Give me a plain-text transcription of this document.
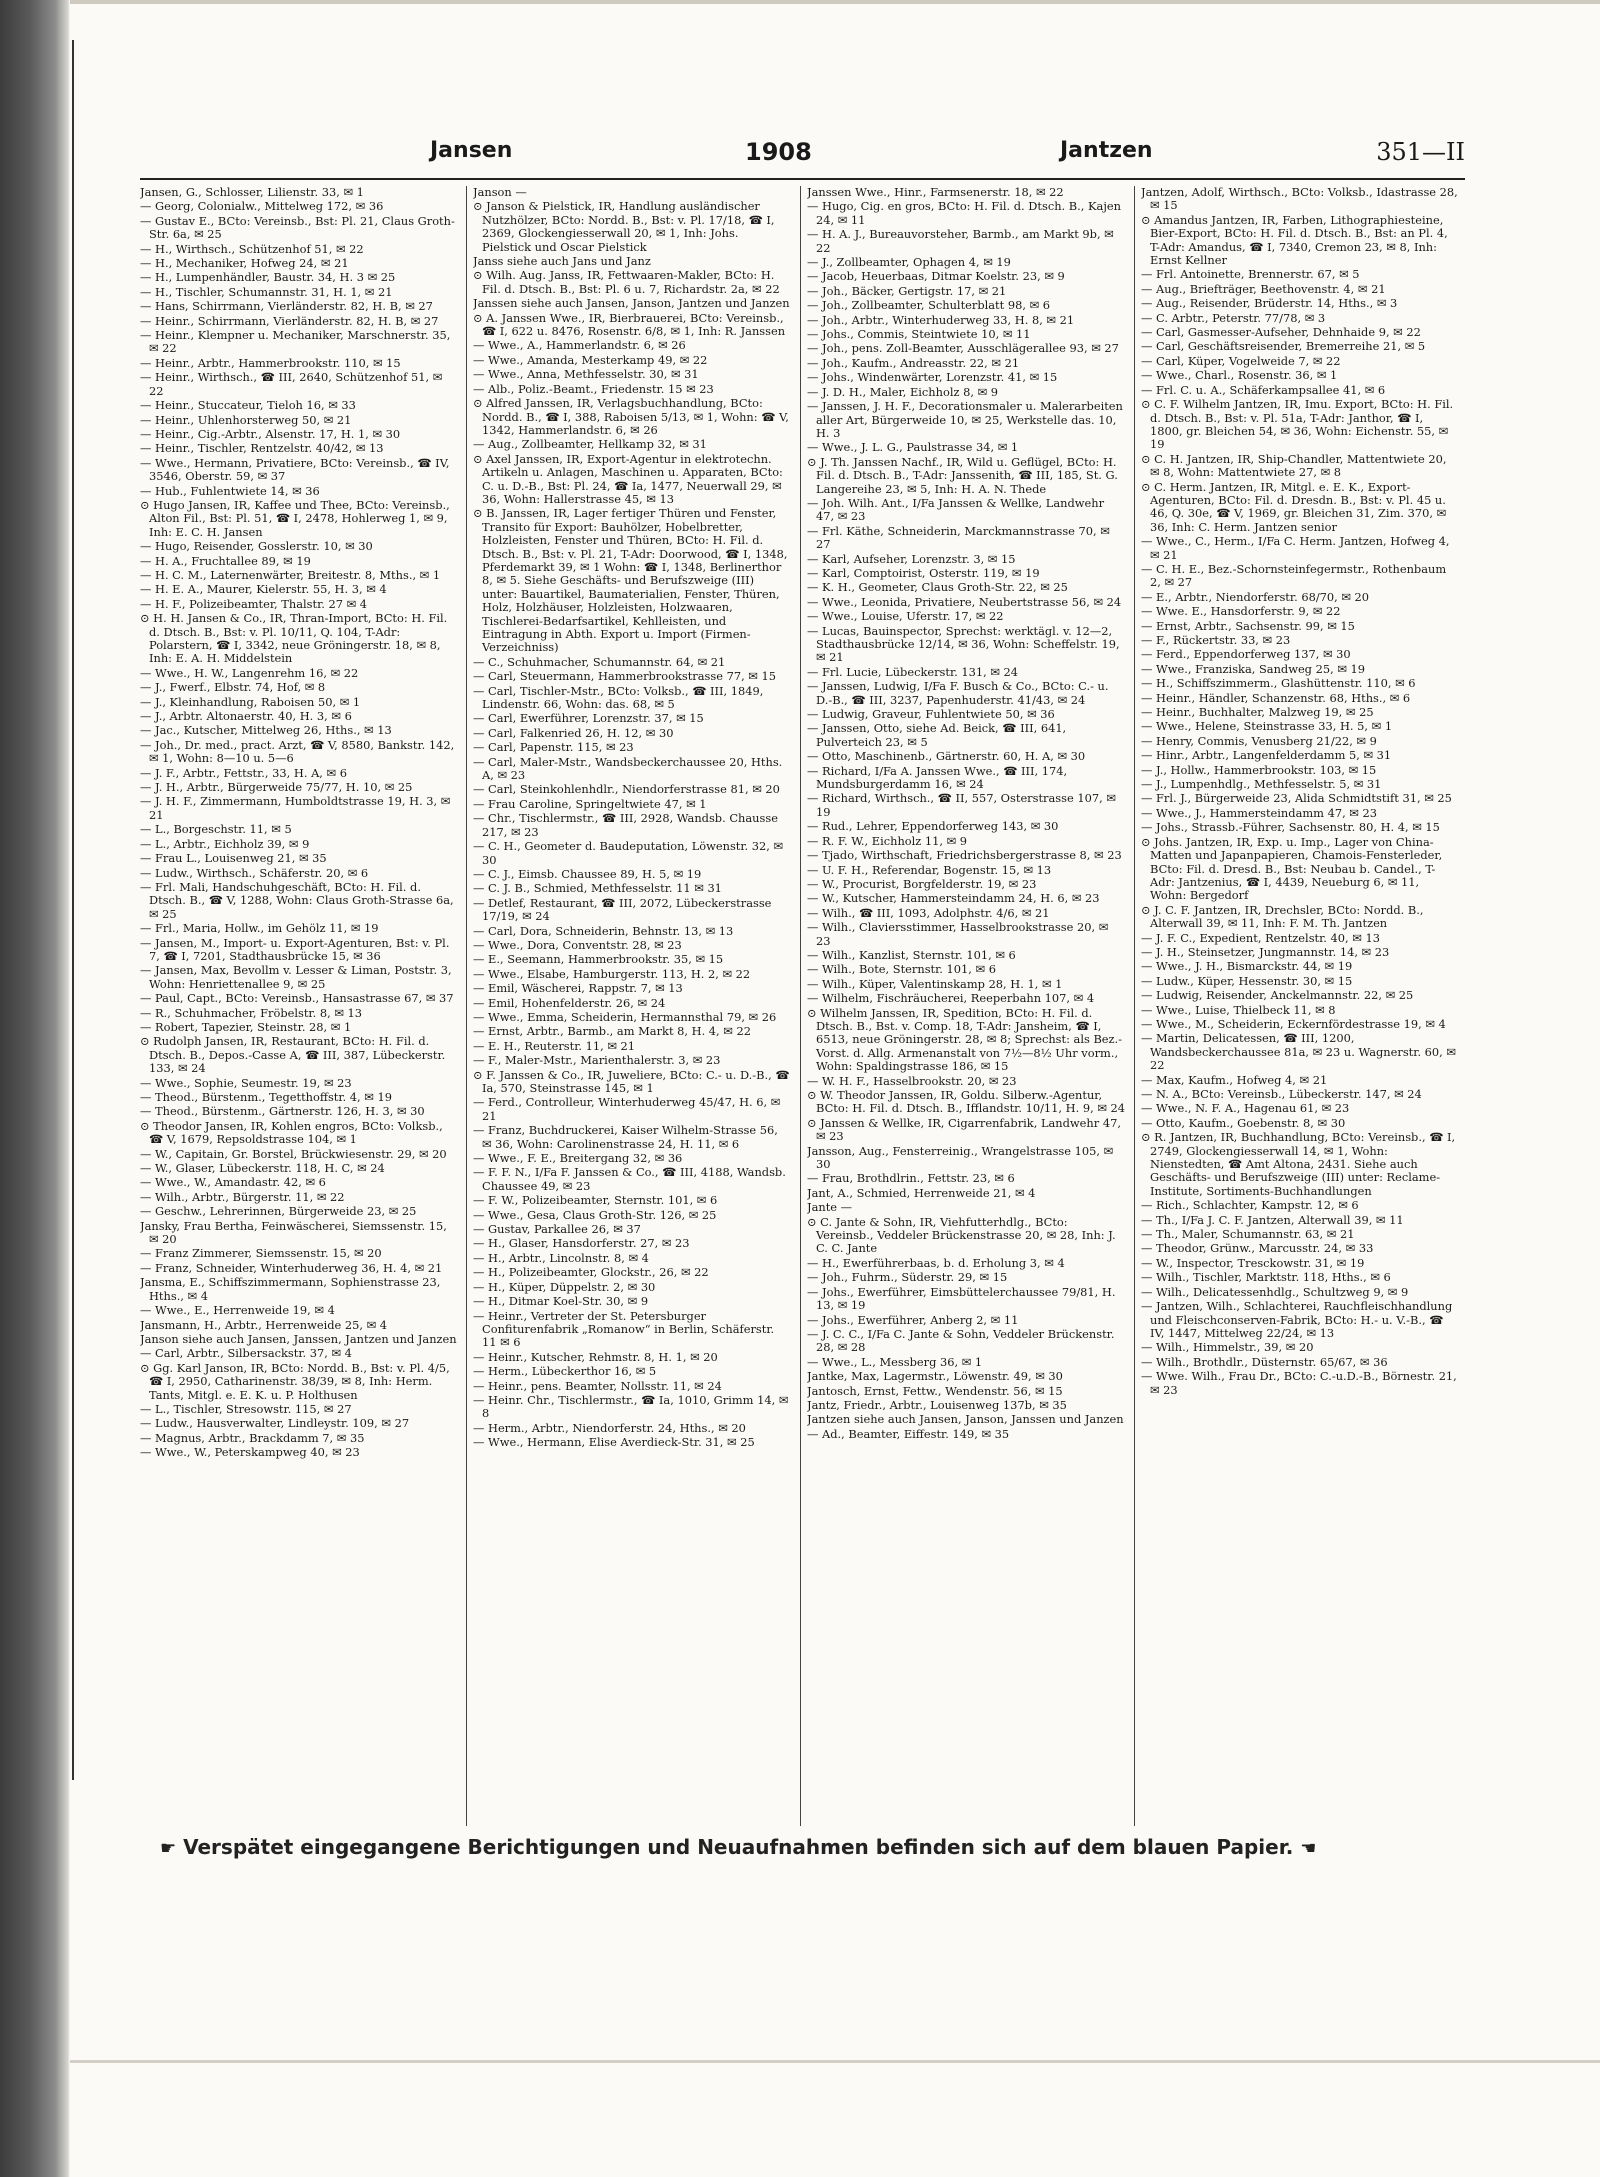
Jansen	1908	Jantzen	351—II

Jansen, G., Schlosser, Lilienstr. 33, ✉ 1

— Georg, Colonialw., Mittelweg 172, ✉ 36

— Gustav E., BCto: Vereinsb., Bst: Pl. 21, Claus Groth-Str. 6a, ✉ 25

— H., Wirthsch., Schützenhof 51, ✉ 22

— H., Mechaniker, Hofweg 24, ✉ 21

— H., Lumpenhändler, Baustr. 34, H. 3 ✉ 25

— H., Tischler, Schumannstr. 31, H. 1, ✉ 21

— Hans, Schirrmann, Vierländerstr. 82, H. B, ✉ 27

— Heinr., Schirrmann, Vierländerstr. 82, H. B, ✉ 27

— Heinr., Klempner u. Mechaniker, Marschnerstr. 35, ✉ 22

— Heinr., Arbtr., Hammerbrookstr. 110, ✉ 15

— Heinr., Wirthsch., ☎ III, 2640, Schützenhof 51, ✉ 22

— Heinr., Stuccateur, Tieloh 16, ✉ 33

— Heinr., Uhlenhorsterweg 50, ✉ 21

— Heinr., Cig.-Arbtr., Alsenstr. 17, H. 1, ✉ 30

— Heinr., Tischler, Rentzelstr. 40/42, ✉ 13

— Wwe., Hermann, Privatiere, BCto: Vereinsb., ☎ IV, 3546, Oberstr. 59, ✉ 37

— Hub., Fuhlentwiete 14, ✉ 36

⊙ Hugo Jansen, IR, Kaffee und Thee, BCto: Vereinsb., Alton Fil., Bst: Pl. 51, ☎ I, 2478, Hohlerweg 1, ✉ 9, Inh: E. C. H. Jansen

— Hugo, Reisender, Gosslerstr. 10, ✉ 30

— H. A., Fruchtallee 89, ✉ 19

— H. C. M., Laternenwärter, Breitestr. 8, Mths., ✉ 1

— H. E. A., Maurer, Kielerstr. 55, H. 3, ✉ 4

— H. F., Polizeibeamter, Thalstr. 27 ✉ 4

⊙ H. H. Jansen & Co., IR, Thran-Import, BCto: H. Fil. d. Dtsch. B., Bst: v. Pl. 10/11, Q. 104, T-Adr: Polarstern, ☎ I, 3342, neue Gröningerstr. 18, ✉ 8, Inh: E. A. H. Middelstein

— Wwe., H. W., Langenrehm 16, ✉ 22

— J., Fwerf., Elbstr. 74, Hof, ✉ 8

— J., Kleinhandlung, Raboisen 50, ✉ 1

— J., Arbtr. Altonaerstr. 40, H. 3, ✉ 6

— Jac., Kutscher, Mittelweg 26, Hths., ✉ 13

— Joh., Dr. med., pract. Arzt, ☎ V, 8580, Bankstr. 142, ✉ 1, Wohn: 8—10 u. 5—6

— J. F., Arbtr., Fettstr., 33, H. A, ✉ 6

— J. H., Arbtr., Bürgerweide 75/77, H. 10, ✉ 25

— J. H. F., Zimmermann, Humboldtstrasse 19, H. 3, ✉ 21

— L., Borgeschstr. 11, ✉ 5

— L., Arbtr., Eichholz 39, ✉ 9

— Frau L., Louisenweg 21, ✉ 35

— Ludw., Wirthsch., Schäferstr. 20, ✉ 6

— Frl. Mali, Handschuhgeschäft, BCto: H. Fil. d. Dtsch. B., ☎ V, 1288, Wohn: Claus Groth-Strasse 6a, ✉ 25

— Frl., Maria, Hollw., im Gehölz 11, ✉ 19

— Jansen, M., Import- u. Export-Agenturen, Bst: v. Pl. 7, ☎ I, 7201, Stadthausbrücke 15, ✉ 36

— Jansen, Max, Bevollm v. Lesser & Liman, Poststr. 3, Wohn: Henriettenallee 9, ✉ 25

— Paul, Capt., BCto: Vereinsb., Hansastrasse 67, ✉ 37

— R., Schuhmacher, Fröbelstr. 8, ✉ 13

— Robert, Tapezier, Steinstr. 28, ✉ 1

⊙ Rudolph Jansen, IR, Restaurant, BCto: H. Fil. d. Dtsch. B., Depos.-Casse A, ☎ III, 387, Lübeckerstr. 133, ✉ 24

— Wwe., Sophie, Seumestr. 19, ✉ 23

— Theod., Bürstenm., Tegetthoffstr. 4, ✉ 19

— Theod., Bürstenm., Gärtnerstr. 126, H. 3, ✉ 30

⊙ Theodor Jansen, IR, Kohlen engros, BCto: Volksb., ☎ V, 1679, Repsoldstrasse 104, ✉ 1

— W., Capitain, Gr. Borstel, Brückwiesenstr. 29, ✉ 20

— W., Glaser, Lübeckerstr. 118, H. C, ✉ 24

— Wwe., W., Amandastr. 42, ✉ 6

— Wilh., Arbtr., Bürgerstr. 11, ✉ 22

— Geschw., Lehrerinnen, Bürgerweide 23, ✉ 25

Jansky, Frau Bertha, Feinwäscherei, Siemssenstr. 15, ✉ 20

— Franz Zimmerer, Siemssenstr. 15, ✉ 20

— Franz, Schneider, Winterhuderweg 36, H. 4, ✉ 21

Jansma, E., Schiffszimmermann, Sophienstrasse 23, Hths., ✉ 4

— Wwe., E., Herrenweide 19, ✉ 4

Jansmann, H., Arbtr., Herrenweide 25, ✉ 4

Janson siehe auch Jansen, Janssen, Jantzen und Janzen

— Carl, Arbtr., Silbersackstr. 37, ✉ 4

⊙ Gg. Karl Janson, IR, BCto: Nordd. B., Bst: v. Pl. 4/5, ☎ I, 2950, Catharinenstr. 38/39, ✉ 8, Inh: Herm. Tants, Mitgl. e. E. K. u. P. Holthusen

— L., Tischler, Stresowstr. 115, ✉ 27

— Ludw., Hausverwalter, Lindleystr. 109, ✉ 27

— Magnus, Arbtr., Brackdamm 7, ✉ 35

— Wwe., W., Peterskampweg 40, ✉ 23

Janson —

⊙ Janson & Pielstick, IR, Handlung ausländischer Nutzhölzer, BCto: Nordd. B., Bst: v. Pl. 17/18, ☎ I, 2369, Glockengiesserwall 20, ✉ 1, Inh: Johs. Pielstick und Oscar Pielstick

Janss siehe auch Jans und Janz

⊙ Wilh. Aug. Janss, IR, Fettwaaren-Makler, BCto: H. Fil. d. Dtsch. B., Bst: Pl. 6 u. 7, Richardstr. 2a, ✉ 22

Janssen siehe auch Jansen, Janson, Jantzen und Janzen

⊙ A. Janssen Wwe., IR, Bierbrauerei, BCto: Vereinsb., ☎ I, 622 u. 8476, Rosenstr. 6/8, ✉ 1, Inh: R. Janssen

— Wwe., A., Hammerlandstr. 6, ✉ 26

— Wwe., Amanda, Mesterkamp 49, ✉ 22

— Wwe., Anna, Methfesselstr. 30, ✉ 31

— Alb., Poliz.-Beamt., Friedenstr. 15 ✉ 23

⊙ Alfred Janssen, IR, Verlagsbuchhandlung, BCto: Nordd. B., ☎ I, 388, Raboisen 5/13, ✉ 1, Wohn: ☎ V, 1342, Hammerlandstr. 6, ✉ 26

— Aug., Zollbeamter, Hellkamp 32, ✉ 31

⊙ Axel Janssen, IR, Export-Agentur in elektrotechn. Artikeln u. Anlagen, Maschinen u. Apparaten, BCto: C. u. D.-B., Bst: Pl. 24, ☎ Ia, 1477, Neuerwall 29, ✉ 36, Wohn: Hallerstrasse 45, ✉ 13

⊙ B. Janssen, IR, Lager fertiger Thüren und Fenster, Transito für Export: Bauhölzer, Hobelbretter, Holzleisten, Fenster und Thüren, BCto: H. Fil. d. Dtsch. B., Bst: v. Pl. 21, T-Adr: Doorwood, ☎ I, 1348, Pferdemarkt 39, ✉ 1 Wohn: ☎ I, 1348, Berlinerthor 8, ✉ 5. Siehe Geschäfts- und Berufszweige (III) unter: Bauartikel, Baumaterialien, Fenster, Thüren, Holz, Holzhäuser, Holzleisten, Holzwaaren, Tischlerei-Bedarfsartikel, Kehlleisten, und Eintragung in Abth. Export u. Import (Firmen-Verzeichniss)

— C., Schuhmacher, Schumannstr. 64, ✉ 21

— Carl, Steuermann, Hammerbrookstrasse 77, ✉ 15

— Carl, Tischler-Mstr., BCto: Volksb., ☎ III, 1849, Lindenstr. 66, Wohn: das. 68, ✉ 5

— Carl, Ewerführer, Lorenzstr. 37, ✉ 15

— Carl, Falkenried 26, H. 12, ✉ 30

— Carl, Papenstr. 115, ✉ 23

— Carl, Maler-Mstr., Wandsbeckerchaussee 20, Hths. A, ✉ 23

— Carl, Steinkohlenhdlr., Niendorferstrasse 81, ✉ 20

— Frau Caroline, Springeltwiete 47, ✉ 1

— Chr., Tischlermstr., ☎ III, 2928, Wandsb. Chausse 217, ✉ 23

— C. H., Geometer d. Baudeputation, Löwenstr. 32, ✉ 30

— C. J., Eimsb. Chaussee 89, H. 5, ✉ 19

— C. J. B., Schmied, Methfesselstr. 11 ✉ 31

— Detlef, Restaurant, ☎ III, 2072, Lübeckerstrasse 17/19, ✉ 24

— Carl, Dora, Schneiderin, Behnstr. 13, ✉ 13

— Wwe., Dora, Conventstr. 28, ✉ 23

— E., Seemann, Hammerbrookstr. 35, ✉ 15

— Wwe., Elsabe, Hamburgerstr. 113, H. 2, ✉ 22

— Emil, Wäscherei, Rappstr. 7, ✉ 13

— Emil, Hohenfelderstr. 26, ✉ 24

— Wwe., Emma, Scheiderin, Hermannsthal 79, ✉ 26

— Ernst, Arbtr., Barmb., am Markt 8, H. 4, ✉ 22

— E. H., Reuterstr. 11, ✉ 21

— F., Maler-Mstr., Marienthalerstr. 3, ✉ 23

⊙ F. Janssen & Co., IR, Juweliere, BCto: C.- u. D.-B., ☎ Ia, 570, Steinstrasse 145, ✉ 1

— Ferd., Controlleur, Winterhuderweg 45/47, H. 6, ✉ 21

— Franz, Buchdruckerei, Kaiser Wilhelm-Strasse 56, ✉ 36, Wohn: Carolinenstrasse 24, H. 11, ✉ 6

— Wwe., F. E., Breitergang 32, ✉ 36

— F. F. N., I/Fa F. Janssen & Co., ☎ III, 4188, Wandsb. Chaussee 49, ✉ 23

— F. W., Polizeibeamter, Sternstr. 101, ✉ 6

— Wwe., Gesa, Claus Groth-Str. 126, ✉ 25

— Gustav, Parkallee 26, ✉ 37

— H., Glaser, Hansdorferstr. 27, ✉ 23

— H., Arbtr., Lincolnstr. 8, ✉ 4

— H., Polizeibeamter, Glockstr., 26, ✉ 22

— H., Küper, Düppelstr. 2, ✉ 30

— H., Ditmar Koel-Str. 30, ✉ 9

— Heinr., Vertreter der St. Petersburger Confiturenfabrik „Romanow“ in Berlin, Schäferstr. 11 ✉ 6

— Heinr., Kutscher, Rehmstr. 8, H. 1, ✉ 20

— Herm., Lübeckerthor 16, ✉ 5

— Heinr., pens. Beamter, Nollsstr. 11, ✉ 24

— Heinr. Chr., Tischlermstr., ☎ Ia, 1010, Grimm 14, ✉ 8

— Herm., Arbtr., Niendorferstr. 24, Hths., ✉ 20

— Wwe., Hermann, Elise Averdieck-Str. 31, ✉ 25

Janssen Wwe., Hinr., Farmsenerstr. 18, ✉ 22

— Hugo, Cig. en gros, BCto: H. Fil. d. Dtsch. B., Kajen 24, ✉ 11

— H. A. J., Bureauvorsteher, Barmb., am Markt 9b, ✉ 22

— J., Zollbeamter, Ophagen 4, ✉ 19

— Jacob, Heuerbaas, Ditmar Koelstr. 23, ✉ 9

— Joh., Bäcker, Gertigstr. 17, ✉ 21

— Joh., Zollbeamter, Schulterblatt 98, ✉ 6

— Joh., Arbtr., Winterhuderweg 33, H. 8, ✉ 21

— Johs., Commis, Steintwiete 10, ✉ 11

— Joh., pens. Zoll-Beamter, Ausschlägerallee 93, ✉ 27

— Joh., Kaufm., Andreasstr. 22, ✉ 21

— Johs., Windenwärter, Lorenzstr. 41, ✉ 15

— J. D. H., Maler, Eichholz 8, ✉ 9

— Janssen, J. H. F., Decorationsmaler u. Malerarbeiten aller Art, Bürgerweide 10, ✉ 25, Werkstelle das. 10, H. 3

— Wwe., J. L. G., Paulstrasse 34, ✉ 1

⊙ J. Th. Janssen Nachf., IR, Wild u. Geflügel, BCto: H. Fil. d. Dtsch. B., T-Adr: Janssenith, ☎ III, 185, St. G. Langereihe 23, ✉ 5, Inh: H. A. N. Thede

— Joh. Wilh. Ant., I/Fa Janssen & Wellke, Landwehr 47, ✉ 23

— Frl. Käthe, Schneiderin, Marckmannstrasse 70, ✉ 27

— Karl, Aufseher, Lorenzstr. 3, ✉ 15

— Karl, Comptoirist, Osterstr. 119, ✉ 19

— K. H., Geometer, Claus Groth-Str. 22, ✉ 25

— Wwe., Leonida, Privatiere, Neubertstrasse 56, ✉ 24

— Wwe., Louise, Uferstr. 17, ✉ 22

— Lucas, Bauinspector, Sprechst: werktägl. v. 12—2, Stadthausbrücke 12/14, ✉ 36, Wohn: Scheffelstr. 19, ✉ 21

— Frl. Lucie, Lübeckerstr. 131, ✉ 24

— Janssen, Ludwig, I/Fa F. Busch & Co., BCto: C.- u. D.-B., ☎ III, 3237, Papenhuderstr. 41/43, ✉ 24

— Ludwig, Graveur, Fuhlentwiete 50, ✉ 36

— Janssen, Otto, siehe Ad. Beick, ☎ III, 641, Pulverteich 23, ✉ 5

— Otto, Maschinenb., Gärtnerstr. 60, H. A, ✉ 30

— Richard, I/Fa A. Janssen Wwe., ☎ III, 174, Mundsburgerdamm 16, ✉ 24

— Richard, Wirthsch., ☎ II, 557, Osterstrasse 107, ✉ 19

— Rud., Lehrer, Eppendorferweg 143, ✉ 30

— R. F. W., Eichholz 11, ✉ 9

— Tjado, Wirthschaft, Friedrichsbergerstrasse 8, ✉ 23

— U. F. H., Referendar, Bogenstr. 15, ✉ 13

— W., Procurist, Borgfelderstr. 19, ✉ 23

— W., Kutscher, Hammersteindamm 24, H. 6, ✉ 23

— Wilh., ☎ III, 1093, Adolphstr. 4/6, ✉ 21

— Wilh., Claviersstimmer, Hasselbrookstrasse 20, ✉ 23

— Wilh., Kanzlist, Sternstr. 101, ✉ 6

— Wilh., Bote, Sternstr. 101, ✉ 6

— Wilh., Küper, Valentinskamp 28, H. 1, ✉ 1

— Wilhelm, Fischräucherei, Reeperbahn 107, ✉ 4

⊙ Wilhelm Janssen, IR, Spedition, BCto: H. Fil. d. Dtsch. B., Bst. v. Comp. 18, T-Adr: Jansheim, ☎ I, 6513, neue Gröningerstr. 28, ✉ 8; Sprechst: als Bez.-Vorst. d. Allg. Armenanstalt von 7½—8½ Uhr vorm., Wohn: Spaldingstrasse 186, ✉ 15

— W. H. F., Hasselbrookstr. 20, ✉ 23

⊙ W. Theodor Janssen, IR, Goldu. Silberw.-Agentur, BCto: H. Fil. d. Dtsch. B., Ifflandstr. 10/11, H. 9, ✉ 24

⊙ Janssen & Wellke, IR, Cigarrenfabrik, Landwehr 47, ✉ 23

Jansson, Aug., Fensterreinig., Wrangelstrasse 105, ✉ 30

— Frau, Brothdlrin., Fettstr. 23, ✉ 6

Jant, A., Schmied, Herrenweide 21, ✉ 4

Jante —

⊙ C. Jante & Sohn, IR, Viehfutterhdlg., BCto: Vereinsb., Veddeler Brückenstrasse 20, ✉ 28, Inh: J. C. C. Jante

— H., Ewerführerbaas, b. d. Erholung 3, ✉ 4

— Joh., Fuhrm., Süderstr. 29, ✉ 15

— Johs., Ewerführer, Eimsbüttelerchaussee 79/81, H. 13, ✉ 19

— Johs., Ewerführer, Anberg 2, ✉ 11

— J. C. C., I/Fa C. Jante & Sohn, Veddeler Brückenstr. 28, ✉ 28

— Wwe., L., Messberg 36, ✉ 1

Jantke, Max, Lagermstr., Löwenstr. 49, ✉ 30

Jantosch, Ernst, Fettw., Wendenstr. 56, ✉ 15

Jantz, Friedr., Arbtr., Louisenweg 137b, ✉ 35

Jantzen siehe auch Jansen, Janson, Janssen und Janzen

— Ad., Beamter, Eiffestr. 149, ✉ 35

Jantzen, Adolf, Wirthsch., BCto: Volksb., Idastrasse 28, ✉ 15

⊙ Amandus Jantzen, IR, Farben, Lithographiesteine, Bier-Export, BCto: H. Fil. d. Dtsch. B., Bst: an Pl. 4, T-Adr: Amandus, ☎ I, 7340, Cremon 23, ✉ 8, Inh: Ernst Kellner

— Frl. Antoinette, Brennerstr. 67, ✉ 5

— Aug., Briefträger, Beethovenstr. 4, ✉ 21

— Aug., Reisender, Brüderstr. 14, Hths., ✉ 3

— C. Arbtr., Peterstr. 77/78, ✉ 3

— Carl, Gasmesser-Aufseher, Dehnhaide 9, ✉ 22

— Carl, Geschäftsreisender, Bremerreihe 21, ✉ 5

— Carl, Küper, Vogelweide 7, ✉ 22

— Wwe., Charl., Rosenstr. 36, ✉ 1

— Frl. C. u. A., Schäferkampsallee 41, ✉ 6

⊙ C. F. Wilhelm Jantzen, IR, Imu. Export, BCto: H. Fil. d. Dtsch. B., Bst: v. Pl. 51a, T-Adr: Janthor, ☎ I, 1800, gr. Bleichen 54, ✉ 36, Wohn: Eichenstr. 55, ✉ 19

⊙ C. H. Jantzen, IR, Ship-Chandler, Mattentwiete 20, ✉ 8, Wohn: Mattentwiete 27, ✉ 8

⊙ C. Herm. Jantzen, IR, Mitgl. e. E. K., Export-Agenturen, BCto: Fil. d. Dresdn. B., Bst: v. Pl. 45 u. 46, Q. 30e, ☎ V, 1969, gr. Bleichen 31, Zim. 370, ✉ 36, Inh: C. Herm. Jantzen senior

— Wwe., C., Herm., I/Fa C. Herm. Jantzen, Hofweg 4, ✉ 21

— C. H. E., Bez.-Schornsteinfegermstr., Rothenbaum 2, ✉ 27

— E., Arbtr., Niendorferstr. 68/70, ✉ 20

— Wwe. E., Hansdorferstr. 9, ✉ 22

— Ernst, Arbtr., Sachsenstr. 99, ✉ 15

— F., Rückertstr. 33, ✉ 23

— Ferd., Eppendorferweg 137, ✉ 30

— Wwe., Franziska, Sandweg 25, ✉ 19

— H., Schiffszimmerm., Glashüttenstr. 110, ✉ 6

— Heinr., Händler, Schanzenstr. 68, Hths., ✉ 6

— Heinr., Buchhalter, Malzweg 19, ✉ 25

— Wwe., Helene, Steinstrasse 33, H. 5, ✉ 1

— Henry, Commis, Venusberg 21/22, ✉ 9

— Hinr., Arbtr., Langenfelderdamm 5, ✉ 31

— J., Hollw., Hammerbrookstr. 103, ✉ 15

— J., Lumpenhdlg., Methfesselstr. 5, ✉ 31

— Frl. J., Bürgerweide 23, Alida Schmidtstift 31, ✉ 25

— Wwe., J., Hammersteindamm 47, ✉ 23

— Johs., Strassb.-Führer, Sachsenstr. 80, H. 4, ✉ 15

⊙ Johs. Jantzen, IR, Exp. u. Imp., Lager von China- Matten und Japanpapieren, Chamois-Fensterleder, BCto: Fil. d. Dresd. B., Bst: Neubau b. Candel., T-Adr: Jantzenius, ☎ I, 4439, Neueburg 6, ✉ 11, Wohn: Bergedorf

⊙ J. C. F. Jantzen, IR, Drechsler, BCto: Nordd. B., Alterwall 39, ✉ 11, Inh: F. M. Th. Jantzen

— J. F. C., Expedient, Rentzelstr. 40, ✉ 13

— J. H., Steinsetzer, Jungmannstr. 14, ✉ 23

— Wwe., J. H., Bismarckstr. 44, ✉ 19

— Ludw., Küper, Hessenstr. 30, ✉ 15

— Ludwig, Reisender, Anckelmannstr. 22, ✉ 25

— Wwe., Luise, Thielbeck 11, ✉ 8

— Wwe., M., Scheiderin, Eckernfördestrasse 19, ✉ 4

— Martin, Delicatessen, ☎ III, 1200, Wandsbeckerchaussee 81a, ✉ 23 u. Wagnerstr. 60, ✉ 22

— Max, Kaufm., Hofweg 4, ✉ 21

— N. A., BCto: Vereinsb., Lübeckerstr. 147, ✉ 24

— Wwe., N. F. A., Hagenau 61, ✉ 23

— Otto, Kaufm., Goebenstr. 8, ✉ 30

⊙ R. Jantzen, IR, Buchhandlung, BCto: Vereinsb., ☎ I, 2749, Glockengiesserwall 14, ✉ 1, Wohn: Nienstedten, ☎ Amt Altona, 2431. Siehe auch Geschäfts- und Berufszweige (III) unter: Reclame-Institute, Sortiments-Buchhandlungen

— Rich., Schlachter, Kampstr. 12, ✉ 6

— Th., I/Fa J. C. F. Jantzen, Alterwall 39, ✉ 11

— Th., Maler, Schumannstr. 63, ✉ 21

— Theodor, Grünw., Marcusstr. 24, ✉ 33

— W., Inspector, Tresckowstr. 31, ✉ 19

— Wilh., Tischler, Marktstr. 118, Hths., ✉ 6

— Wilh., Delicatessenhdlg., Schultzweg 9, ✉ 9

— Jantzen, Wilh., Schlachterei, Rauchfleischhandlung und Fleischconserven-Fabrik, BCto: H.- u. V.-B., ☎ IV, 1447, Mittelweg 22/24, ✉ 13

— Wilh., Himmelstr., 39, ✉ 20

— Wilh., Brothdlr., Düsternstr. 65/67, ✉ 36

— Wwe. Wilh., Frau Dr., BCto: C.-u.D.-B., Börnestr. 21, ✉ 23

☛ Verspätet eingegangene Berichtigungen und Neuaufnahmen befinden sich auf dem blauen Papier. ☚
